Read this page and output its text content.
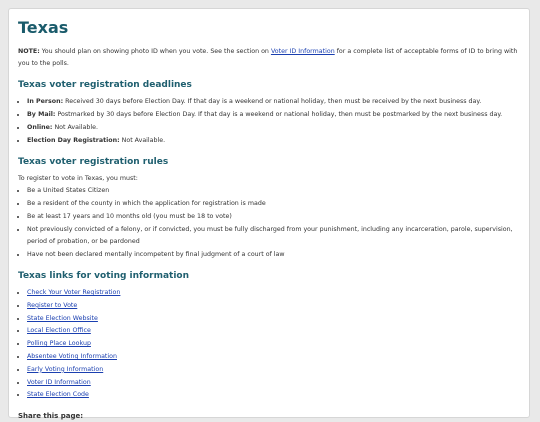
Texas

NOTE: You should plan on showing photo ID when you vote. See the section on Voter ID Information for a complete list of acceptable forms of ID to bring with you to the polls.

Texas voter registration deadlines
• In Person: Received 30 days before Election Day. If that day is a weekend or national holiday, then must be received by the next business day.
• By Mail: Postmarked by 30 days before Election Day. If that day is a weekend or national holiday, then must be postmarked by the next business day.
• Online: Not Available.
• Election Day Registration: Not Available.
Texas voter registration rules

To register to vote in Texas, you must:

• Be a United States Citizen
• Be a resident of the county in which the application for registration is made
• Be at least 17 years and 10 months old (you must be 18 to vote)
• Not previously convicted of a felony, or if convicted, you must be fully discharged from your punishment, including any incarceration, parole, supervision, period of probation, or be pardoned
• Have not been declared mentally incompetent by final judgment of a court of law
Texas links for voting information
• Check Your Voter Registration
• Register to Vote
• State Election Website
• Local Election Office
• Polling Place Lookup
• Absentee Voting Information
• Early Voting Information
• Voter ID Information
• State Election Code
Share this page:
